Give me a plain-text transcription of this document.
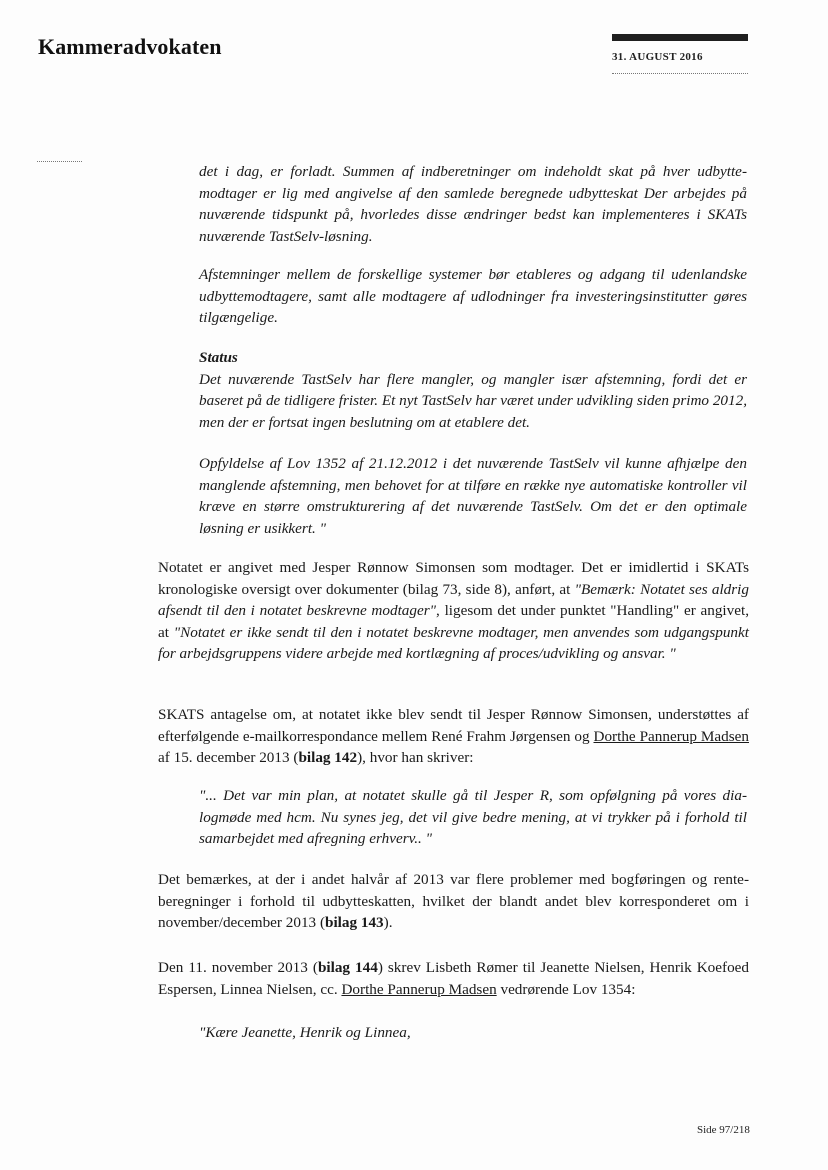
Kammeradvokaten	31. AUGUST 2016

det i dag, er forladt. Summen af indberetninger om indeholdt skat på hver udbyttemodtager er lig med angivelse af den samlede beregnede udbytteskat Der arbejdes på nuværende tidspunkt på, hvorledes disse ændringer bedst kan implementeres i SKATs nuværende TastSelv-løsning.

Afstemninger mellem de forskellige systemer bør etableres og adgang til udenlandske udbyttemodtagere, samt alle modtagere af udlodninger fra investeringsinstitutter gøres tilgængelige.

Status
Det nuværende TastSelv har flere mangler, og mangler især afstemning, fordi det er baseret på de tidligere frister. Et nyt TastSelv har været under udvikling siden primo 2012, men der er fortsat ingen beslutning om at etablere det.

Opfyldelse af Lov 1352 af 21.12.2012 i det nuværende TastSelv vil kunne afhjælpe den manglende afstemning, men behovet for at tilføre en række nye automatiske kontroller vil kræve en større omstrukturering af det nuværende TastSelv. Om det er den optimale løsning er usikkert. "

Notatet er angivet med Jesper Rønnow Simonsen som modtager. Det er imidlertid i SKATs kronologiske oversigt over dokumenter (bilag 73, side 8), anført, at "Bemærk: Notatet ses aldrig afsendt til den i notatet beskrevne modtager", ligesom det under punktet "Handling" er angivet, at "Notatet er ikke sendt til den i notatet beskrevne modtager, men anvendes som udgangspunkt for arbejdsgruppens videre arbejde med kortlægning af proces/udvikling og ansvar. "

SKATS antagelse om, at notatet ikke blev sendt til Jesper Rønnow Simonsen, understøttes af efterfølgende e-mailkorrespondance mellem René Frahm Jørgensen og Dorthe Pannerup Madsen af 15. december 2013 (bilag 142), hvor han skriver:

"... Det var min plan, at notatet skulle gå til Jesper R, som opfølgning på vores dialogmøde med hcm. Nu synes jeg, det vil give bedre mening, at vi trykker på i forhold til samarbejdet med afregning erhverv.. "

Det bemærkes, at der i andet halvår af 2013 var flere problemer med bogføringen og renteberegninger i forhold til udbytteskatten, hvilket der blandt andet blev korresponderet om i november/december 2013 (bilag 143).

Den 11. november 2013 (bilag 144) skrev Lisbeth Rømer til Jeanette Nielsen, Henrik Koefoed Espersen, Linnea Nielsen, cc. Dorthe Pannerup Madsen vedrørende Lov 1354:

"Kære Jeanette, Henrik og Linnea,

Side 97/218
